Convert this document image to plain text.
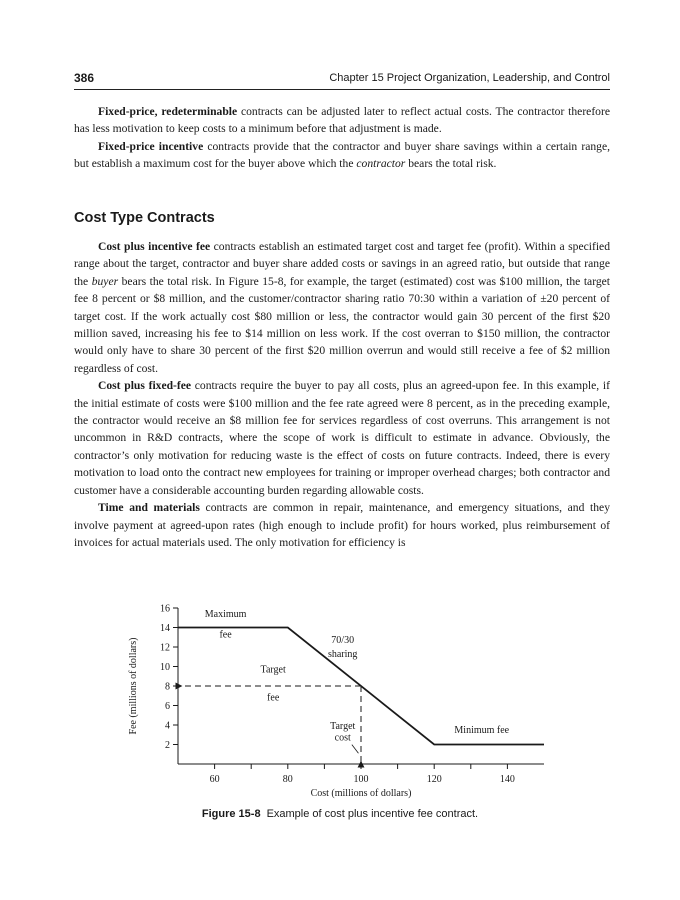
386	Chapter 15 Project Organization, Leadership, and Control

Fixed-price, redeterminable contracts can be adjusted later to reflect actual costs. The contractor therefore has less motivation to keep costs to a minimum before that adjustment is made.

Fixed-price incentive contracts provide that the contractor and buyer share savings within a certain range, but establish a maximum cost for the buyer above which the contractor bears the total risk.

Cost Type Contracts

Cost plus incentive fee contracts establish an estimated target cost and target fee (profit). Within a specified range about the target, contractor and buyer share added costs or savings in an agreed ratio, but outside that range the buyer bears the total risk. In Figure 15-8, for example, the target (estimated) cost was $100 million, the target fee 8 percent or $8 million, and the customer/contractor sharing ratio 70:30 within a variation of ±20 percent of target cost. If the work actually cost $80 million or less, the contractor would gain 30 percent of the first $20 million saved, increasing his fee to $14 million on less work. If the cost overran to $150 million, the contractor would only have to share 30 percent of the first $20 million overrun and would still receive a fee of $2 million regardless of cost.

Cost plus fixed-fee contracts require the buyer to pay all costs, plus an agreed-upon fee. In this example, if the initial estimate of costs were $100 million and the fee rate agreed were 8 percent, as in the preceding example, the contractor would receive an $8 million fee for services regardless of cost overruns. This arrangement is not uncommon in R&D contracts, where the scope of work is difficult to estimate in advance. Obviously, the contractor’s only motivation for reducing waste is the effect of costs on future contracts. Indeed, there is every motivation to load onto the contract new employees for training or improper overhead charges; both contractor and customer have a considerable accounting burden regarding allowable costs.

Time and materials contracts are common in repair, maintenance, and emergency situations, and they involve payment at agreed-upon rates (high enough to include profit) for hours worked, plus reimbursement of invoices for actual materials used. The only motivation for efficiency is

2
4
6
8
10
12
14
16
60	80	100	120	140
Cost (millions of dollars)
Fee (millions of dollars)
Maximum
fee
70/30
sharing
Target
fee
Target
cost
Minimum fee
Figure 15-8 Example of cost plus incentive fee contract.
